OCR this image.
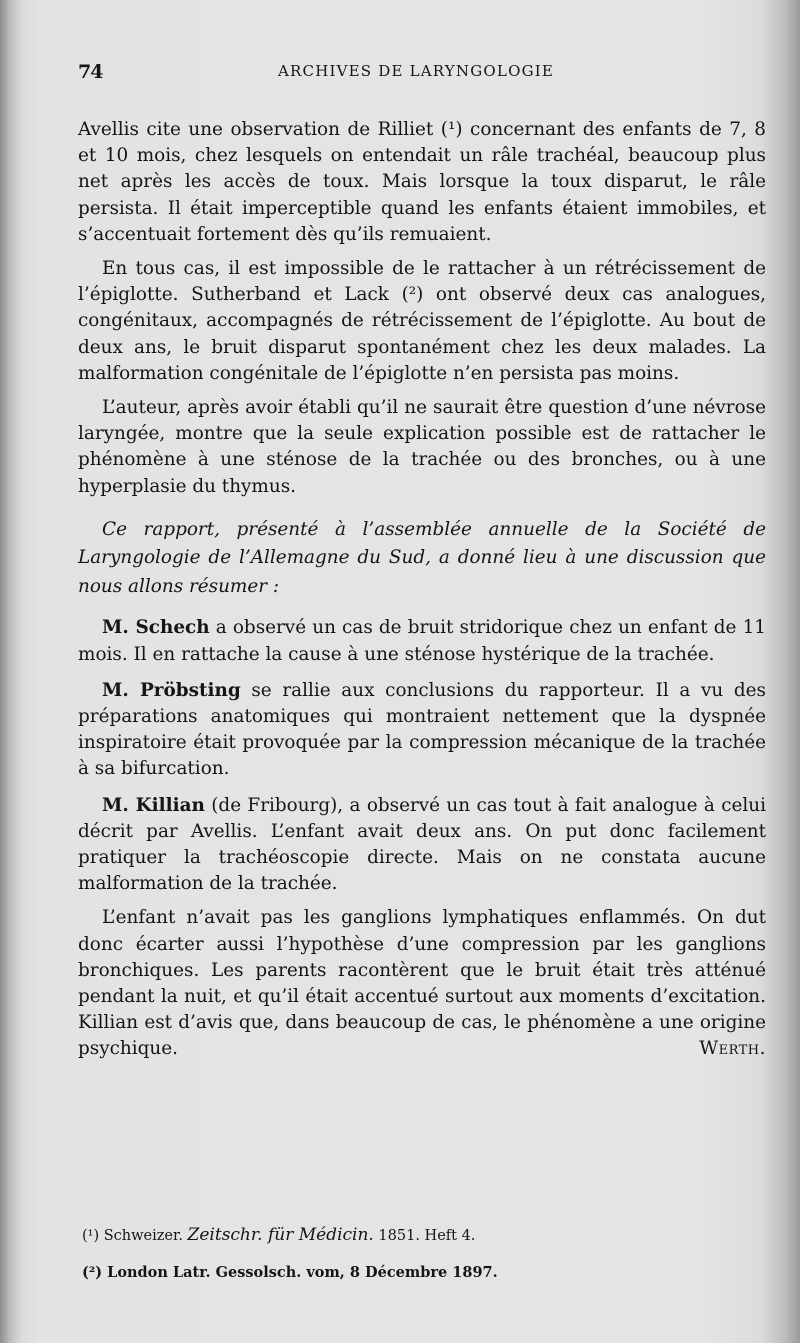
74	ARCHIVES DE LARYNGOLOGIE

Avellis cite une observation de Rilliet (¹) concernant des enfants de 7, 8 et 10 mois, chez lesquels on entendait un râle trachéal, beaucoup plus net après les accès de toux. Mais lorsque la toux disparut, le râle persista. Il était imperceptible quand les enfants étaient immobiles, et s’accentuait fortement dès qu’ils remuaient.

En tous cas, il est impossible de le rattacher à un rétrécissement de l’épiglotte. Sutherband et Lack (²) ont observé deux cas analogues, congénitaux, accompagnés de rétrécissement de l’épiglotte. Au bout de deux ans, le bruit disparut spontanément chez les deux malades. La malformation congénitale de l’épiglotte n’en persista pas moins.

L’auteur, après avoir établi qu’il ne saurait être question d’une névrose laryngée, montre que la seule explication possible est de rattacher le phénomène à une sténose de la trachée ou des bronches, ou à une hyperplasie du thymus.

Ce rapport, présenté à l’assemblée annuelle de la Société de Laryngologie de l’Allemagne du Sud, a donné lieu à une discussion que nous allons résumer :

M. Schech a observé un cas de bruit stridorique chez un enfant de 11 mois. Il en rattache la cause à une sténose hystérique de la trachée.

M. Pröbsting se rallie aux conclusions du rapporteur. Il a vu des préparations anatomiques qui montraient nettement que la dyspnée inspiratoire était provoquée par la compression mécanique de la trachée à sa bifurcation.

M. Killian (de Fribourg), a observé un cas tout à fait analogue à celui décrit par Avellis. L’enfant avait deux ans. On put donc facilement pratiquer la trachéoscopie directe. Mais on ne constata aucune malformation de la trachée.

L’enfant n’avait pas les ganglions lymphatiques enflammés. On dut donc écarter aussi l’hypothèse d’une compression par les ganglions bronchiques. Les parents racontèrent que le bruit était très atténué pendant la nuit, et qu’il était accentué surtout aux moments d’excitation. Killian est d’avis que, dans beaucoup de cas, le phénomène a une origine psychique.	Werth.

(¹) Schweizer. Zeitschr. für Médicin. 1851. Heft 4.

(²) London Latr. Gessolsch. vom, 8 Décembre 1897.
